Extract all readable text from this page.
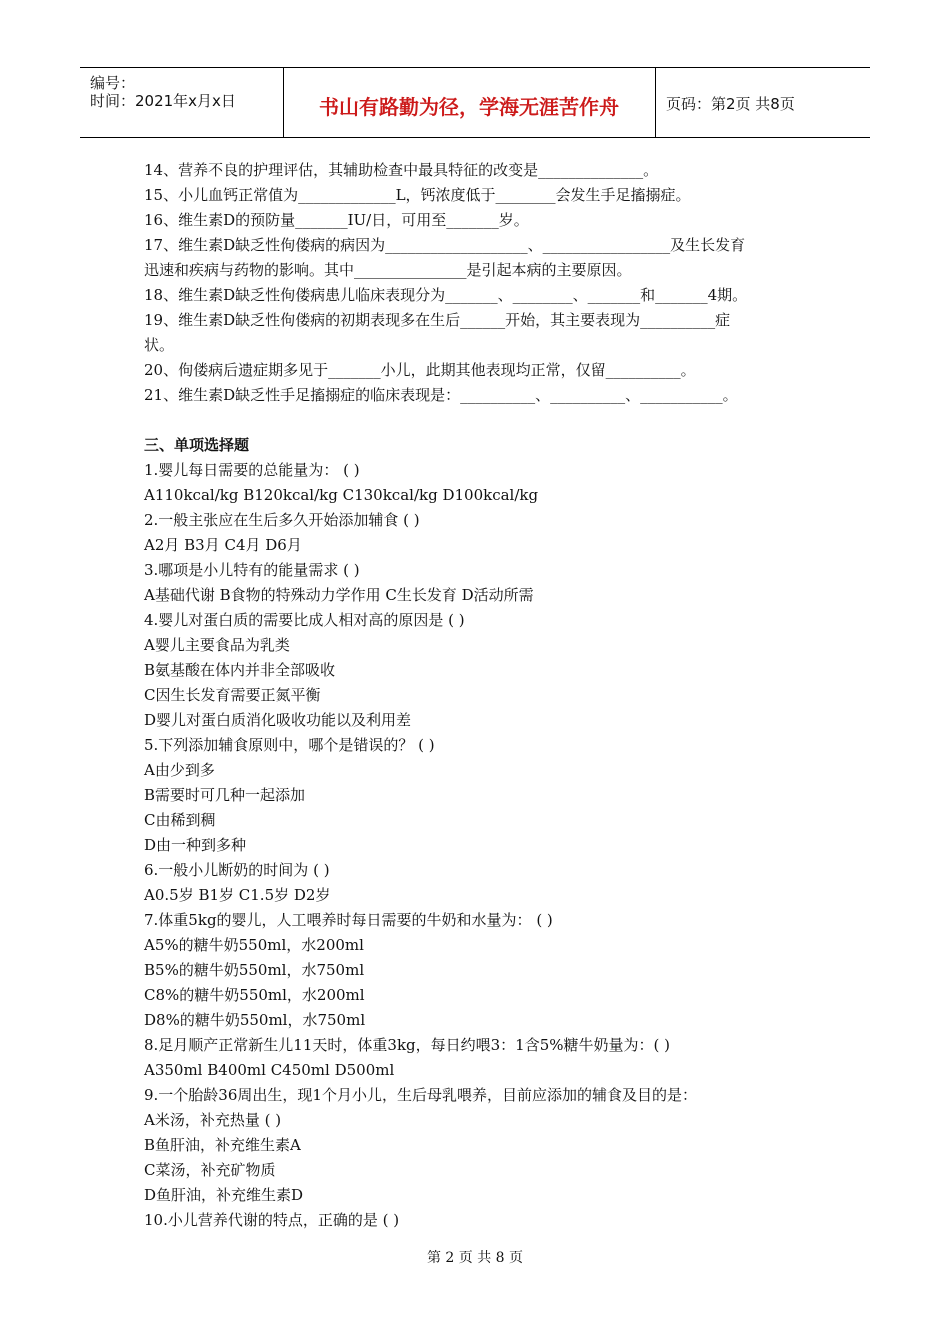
编号：
时间：2021年x月x日	书山有路勤为径，学海无涯苦作舟	页码：第2页 共8页
14、营养不良的护理评估，其辅助检查中最具特征的改变是______________。
15、小儿血钙正常值为_____________L，钙浓度低于________会发生手足搐搦症。
16、维生素D的预防量_______IU/日，可用至_______岁。
17、维生素D缺乏性佝偻病的病因为___________________、_________________及生长发育
迅速和疾病与药物的影响。其中_______________是引起本病的主要原因。
18、维生素D缺乏性佝偻病患儿临床表现分为_______、________、_______和_______4期。
19、维生素D缺乏性佝偻病的初期表现多在生后______开始，其主要表现为__________症
状。
20、佝偻病后遗症期多见于_______小儿，此期其他表现均正常，仅留__________。
21、维生素D缺乏性手足搐搦症的临床表现是：__________、__________、___________。
三、单项选择题
1.婴儿每日需要的总能量为： ( )
A110kcal/kg B120kcal/kg C130kcal/kg D100kcal/kg
2.一般主张应在生后多久开始添加辅食 ( )
A2月 B3月 C4月 D6月
3.哪项是小儿特有的能量需求 ( )
A基础代谢 B食物的特殊动力学作用 C生长发育 D活动所需
4.婴儿对蛋白质的需要比成人相对高的原因是 ( )
A婴儿主要食品为乳类
B氨基酸在体内并非全部吸收
C因生长发育需要正氮平衡
D婴儿对蛋白质消化吸收功能以及利用差
5.下列添加辅食原则中，哪个是错误的？ ( )
A由少到多
B需要时可几种一起添加
C由稀到稠
D由一种到多种
6.一般小儿断奶的时间为 ( )
A0.5岁 B1岁 C1.5岁 D2岁
7.体重5kg的婴儿，人工喂养时每日需要的牛奶和水量为： ( )
A5%的糖牛奶550ml，水200ml
B5%的糖牛奶550ml，水750ml
C8%的糖牛奶550ml，水200ml
D8%的糖牛奶550ml，水750ml
8.足月顺产正常新生儿11天时，体重3kg，每日约喂3：1含5%糖牛奶量为：( )
A350ml B400ml C450ml D500ml
9.一个胎龄36周出生，现1个月小儿，生后母乳喂养，目前应添加的辅食及目的是：
A米汤，补充热量 ( )
B鱼肝油，补充维生素A
C菜汤，补充矿物质
D鱼肝油，补充维生素D
10.小儿营养代谢的特点，正确的是 ( )
第 2 页 共 8 页
